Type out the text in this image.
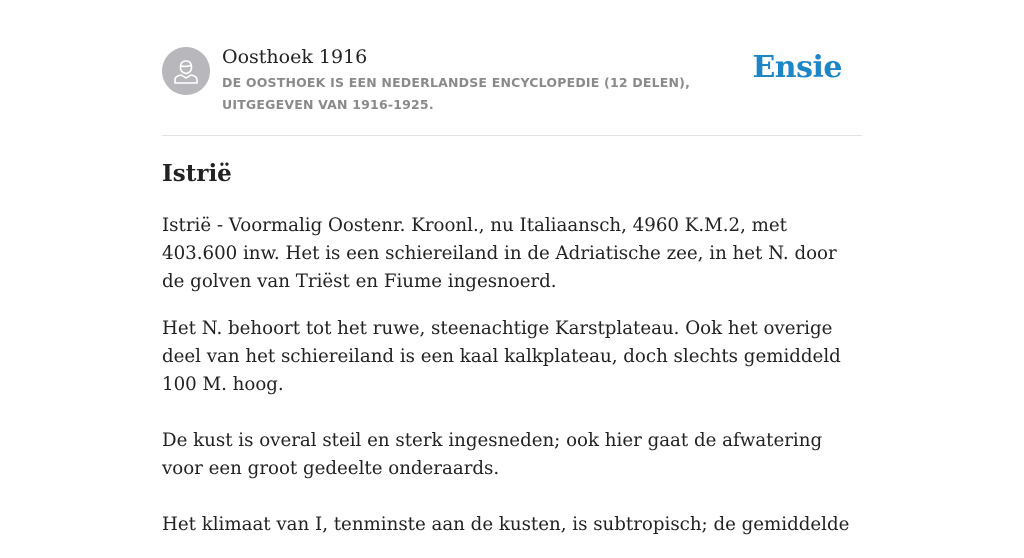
Oosthoek 1916
DE OOSTHOEK IS EEN NEDERLANDSE ENCYCLOPEDIE (12 DELEN), UITGEGEVEN VAN 1916-1925.
Ensie
Istrië

Istrië - Voormalig Oostenr. Kroonl., nu Italiaansch, 4960 K.M.2, met 403.600 inw. Het is een schiereiland in de Adriatische zee, in het N. door de golven van Triëst en Fiume ingesnoerd.

Het N. behoort tot het ruwe, steenachtige Karstplateau. Ook het overige deel van het schiereiland is een kaal kalkplateau, doch slechts gemiddeld 100 M. hoog.

De kust is overal steil en sterk ingesneden; ook hier gaat de afwatering voor een groot gedeelte onderaards.

Het klimaat van I, tenminste aan de kusten, is subtropisch; de gemiddelde
